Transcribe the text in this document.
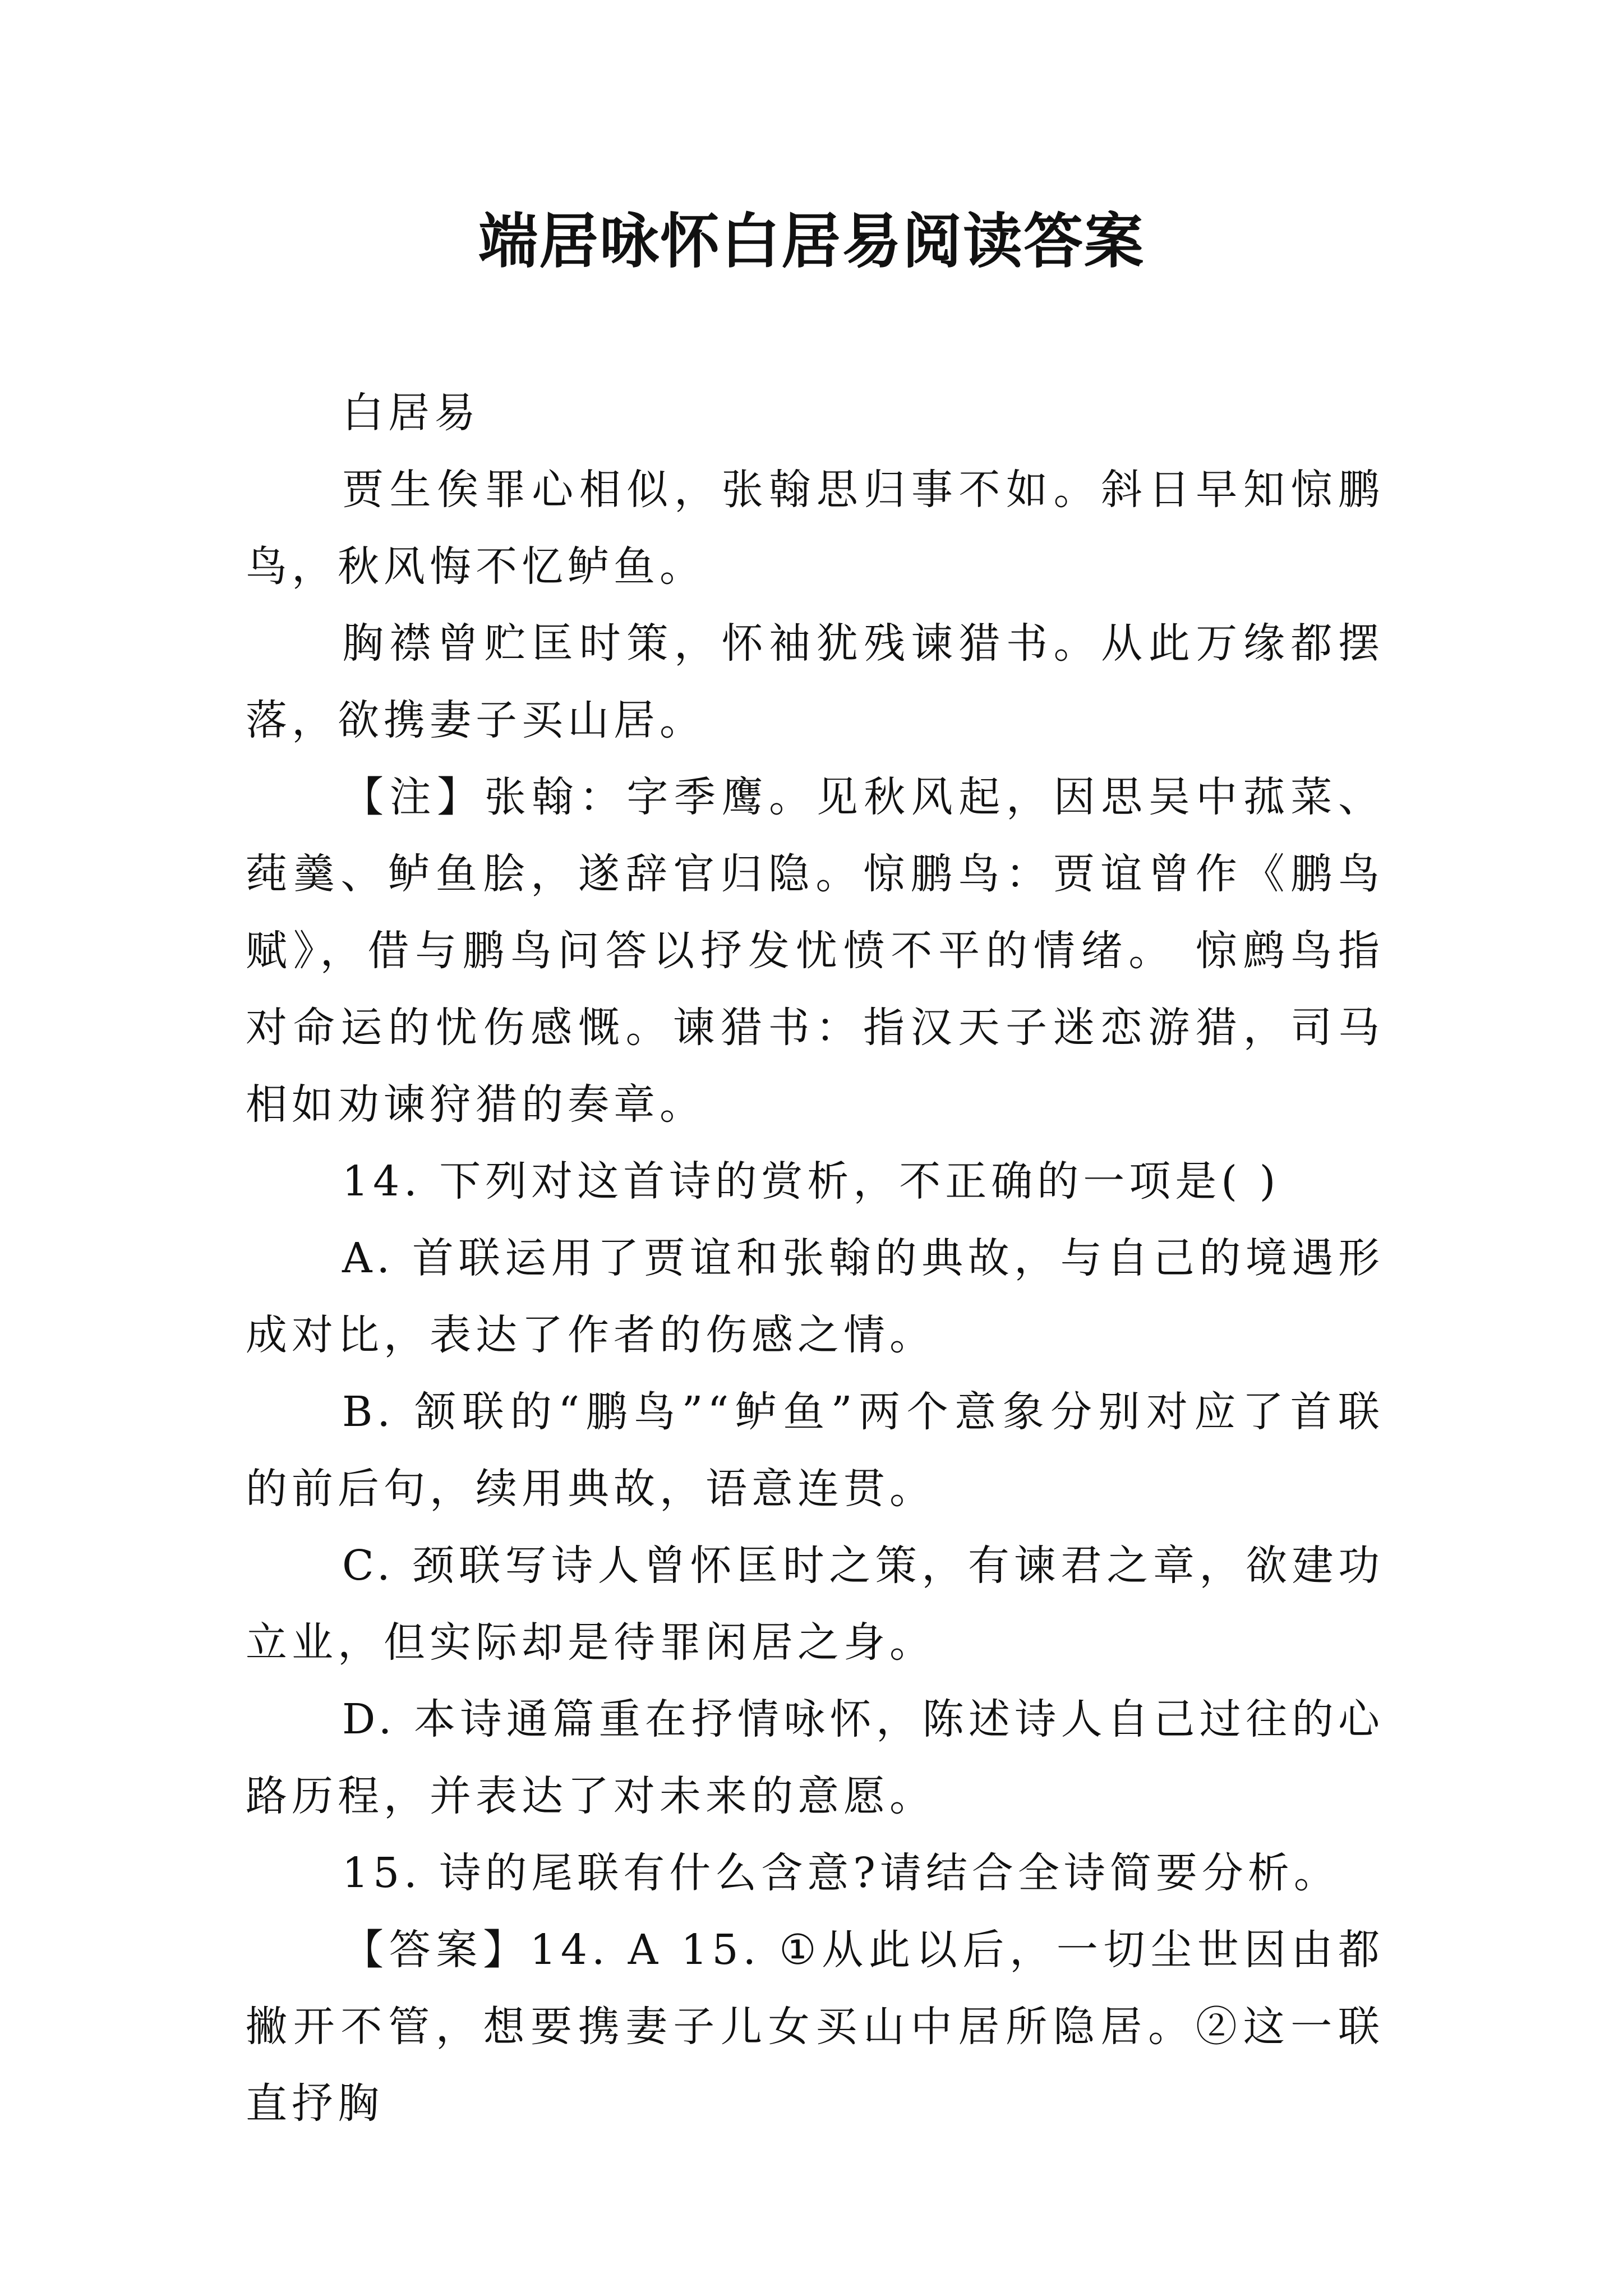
端居咏怀白居易阅读答案

白居易

贾生俟罪心相似，张翰思归事不如。斜日早知惊鹏鸟，秋风悔不忆鲈鱼。

胸襟曾贮匡时策，怀袖犹残谏猎书。从此万缘都摆落，欲携妻子买山居。

【注】张翰：字季鹰。见秋风起，因思吴中菰菜、莼羹、鲈鱼脍，遂辞官归隐。惊鹏鸟：贾谊曾作《鹏鸟赋》，借与鹏鸟问答以抒发忧愤不平的情绪。 惊鹧鸟指对命运的忧伤感慨。谏猎书：指汉天子迷恋游猎，司马相如劝谏狩猎的奏章。

14. 下列对这首诗的赏析，不正确的一项是( )

A. 首联运用了贾谊和张翰的典故，与自己的境遇形成对比，表达了作者的伤感之情。

B. 颔联的“鹏鸟”“鲈鱼”两个意象分别对应了首联的前后句，续用典故，语意连贯。

C. 颈联写诗人曾怀匡时之策，有谏君之章，欲建功立业，但实际却是待罪闲居之身。

D. 本诗通篇重在抒情咏怀，陈述诗人自己过往的心路历程，并表达了对未来的意愿。

15. 诗的尾联有什么含意?请结合全诗简要分析。

【答案】14. A 15. ①从此以后，一切尘世因由都撇开不管，想要携妻子儿女买山中居所隐居。②这一联直抒胸
